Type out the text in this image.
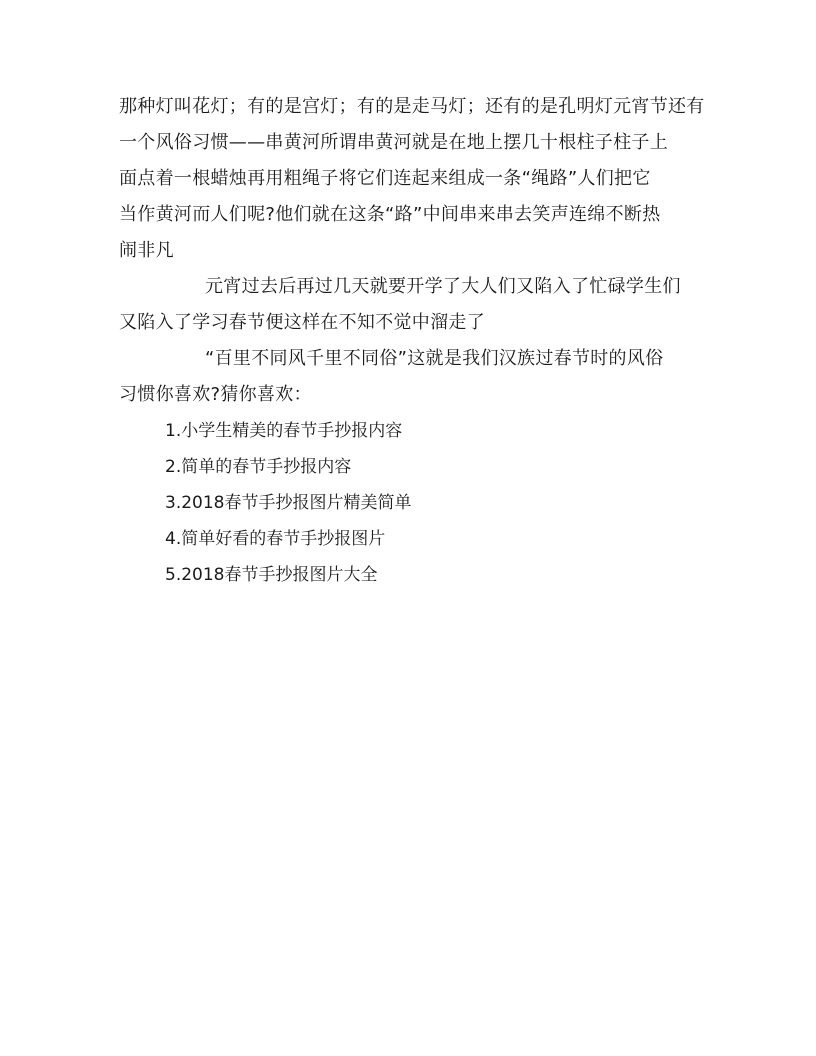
那种灯叫花灯；有的是宫灯；有的是走马灯；还有的是孔明灯元宵节还有
一个风俗习惯——串黄河所谓串黄河就是在地上摆几十根柱子柱子上
面点着一根蜡烛再用粗绳子将它们连起来组成一条“绳路”人们把它
当作黄河而人们呢?他们就在这条“路”中间串来串去笑声连绵不断热
闹非凡
元宵过去后再过几天就要开学了大人们又陷入了忙碌学生们
又陷入了学习春节便这样在不知不觉中溜走了
“百里不同风千里不同俗”这就是我们汉族过春节时的风俗
习惯你喜欢?猜你喜欢：
1.小学生精美的春节手抄报内容
2.简单的春节手抄报内容
3.2018春节手抄报图片精美简单
4.简单好看的春节手抄报图片
5.2018春节手抄报图片大全
